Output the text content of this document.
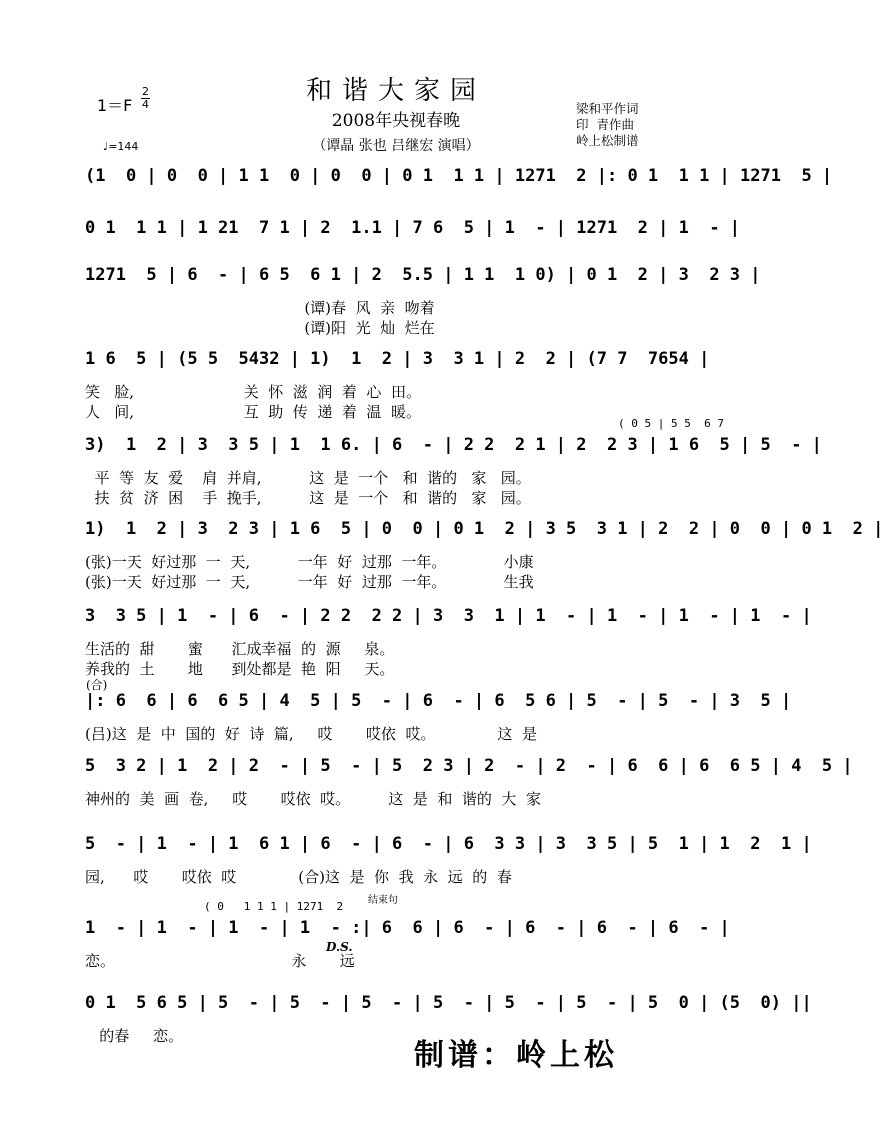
和谐大家园
2008年央视春晚
（谭晶 张也 吕继宏 演唱）
1＝F
2
4	梁和平作词
印  青作曲
岭上松制谱
♩=144
(1  0 | 0  0 | 1 1  0 | 0  0 | 0 1  1 1 | 1271  2 |: 0 1  1 1 | 1271  5 |
0 1  1 1 | 1 21  7 1 | 2  1.1 | 7 6  5 | 1  - | 1271  2 | 1  - |
1271  5 | 6  - | 6 5  6 1 | 2  5.5 | 1 1  1 0) | 0 1  2 | 3  2 3 |
(谭)春  风  亲  吻着
(谭)阳  光  灿  烂在
1 6  5 | (5 5  5432 | 1)  1  2 | 3  3 1 | 2  2 | (7 7  7654 |
笑   脸,                       关  怀  滋  润  着  心  田。
人   间,                       互  助  传  递  着  温  暖。
3)  1  2 | 3  3 5 | 1  1 6. | 6  - | 2 2  2 1 | 2  2 3 | 1 6  5 | 5  - |
平  等  友  爱    肩  并肩,          这  是  一个   和  谐的   家   园。
扶  贫  济  困    手  挽手,          这  是  一个   和  谐的   家   园。
1)  1  2 | 3  2 3 | 1 6  5 | 0  0 | 0 1  2 | 3 5  3 1 | 2  2 | 0  0 | 0 1  2 |
(张)一天  好过那  一  天,          一年  好  过那  一年。            小康
(张)一天  好过那  一  天,          一年  好  过那  一年。            生我
3  3 5 | 1  - | 6  - | 2 2  2 2 | 3  3  1 | 1  - | 1  - | 1  - | 1  - |
生活的  甜       蜜      汇成幸福  的  源     泉。
养我的  土       地      到处都是  艳  阳     天。
|: 6  6 | 6  6 5 | 4  5 | 5  - | 6  - | 6  5 6 | 5  - | 5  - | 3  5 |
(吕)这  是  中  国的  好  诗  篇,     哎       哎依  哎。             这  是
5  3 2 | 1  2 | 2  - | 5  - | 5  2 3 | 2  - | 2  - | 6  6 | 6  6 5 | 4  5 |
神州的  美  画  卷,     哎       哎依  哎。        这  是  和  谐的  大  家
5  - | 1  - | 1  6 1 | 6  - | 6  - | 6  3 3 | 3  3 5 | 5  1 | 1  2  1 |
园,      哎       哎依  哎             (合)这  是  你  我  永  远  的  春
1  - | 1  - | 1  - | 1  - :| 6  6 | 6  - | 6  - | 6  - | 6  - |
恋。                                     永       远
0 1  5 6 5 | 5  - | 5  - | 5  - | 5  - | 5  - | 5  - | 5  0 | (5  0) ||
的春     恋。
(合)
结束句
D.S.
( 0 5 | 5 5  6 7
( 0   1 1 1 | 1271  2
制谱：岭上松
